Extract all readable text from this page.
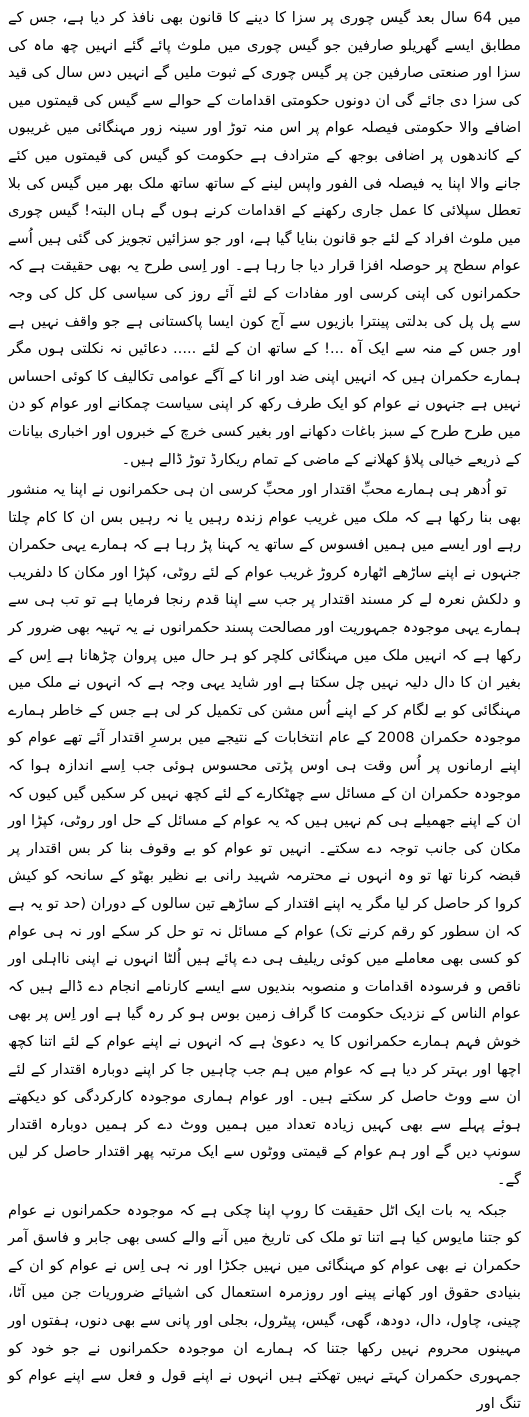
میں 64 سال بعد گیس چوری پر سزا کا دینے کا قانون بھی نافذ کر دیا ہے، جس کے مطابق ایسے گھریلو صارفین جو گیس چوری میں ملوث پائے گئے انہیں چھ ماہ کی سزا اور صنعتی صارفین جن پر گیس چوری کے ثبوت ملیں گے انہیں دس سال کی قید کی سزا دی جائے گی ان دونوں حکومتی اقدامات کے حوالے سے گیس کی قیمتوں میں اضافے والا حکومتی فیصلہ عوام پر اس منہ توڑ اور سینہ زور مہنگائی میں غریبوں کے کاندھوں پر اضافی بوجھ کے مترادف ہے حکومت کو گیس کی قیمتوں میں کئے جانے والا اپنا یہ فیصلہ فی الفور واپس لینے کے ساتھ ساتھ ملک بھر میں گیس کی بلا تعطل سپلائی کا عمل جاری رکھنے کے اقدامات کرنے ہوں گے ہاں البتہ! گیس چوری میں ملوث افراد کے لئے جو قانون بنایا گیا ہے، اور جو سزائیں تجویز کی گئی ہیں اُسے عوام سطح پر حوصلہ افزا قرار دیا جا رہا ہے۔ اور اِسی طرح یہ بھی حقیقت ہے کہ حکمرانوں کی اپنی کرسی اور مفادات کے لئے آئے روز کی سیاسی کل کل کی وجہ سے پل پل کی بدلتی پینترا بازیوں سے آج کون ایسا پاکستانی ہے جو واقف نہیں ہے اور جس کے منہ سے ایک آہ ...! کے ساتھ ان کے لئے ..... دعائیں نہ نکلتی ہوں مگر ہمارے حکمران ہیں کہ انہیں اپنی ضد اور انا کے آگے عوامی تکالیف کا کوئی احساس نہیں ہے جنہوں نے عوام کو ایک طرف رکھ کر اپنی سیاست چمکانے اور عوام کو دن میں طرح طرح کے سبز باغات دکھانے اور بغیر کسی خرچ کے خبروں اور اخباری بیانات کے ذریعے خیالی پلاؤ کھلانے کے ماضی کے تمام ریکارڈ توڑ ڈالے ہیں۔

تو اُدھر ہی ہمارے محبِّ اقتدار اور محبِّ کرسی ان ہی حکمرانوں نے اپنا یہ منشور بھی بنا رکھا ہے کہ ملک میں غریب عوام زندہ رہیں یا نہ رہیں بس ان کا کام چلتا رہے اور ایسے میں ہمیں افسوس کے ساتھ یہ کہنا پڑ رہا ہے کہ ہمارے یہی حکمران جنہوں نے اپنے ساڑھے اٹھارہ کروڑ غریب عوام کے لئے روٹی، کپڑا اور مکان کا دلفریب و دلکش نعرہ لے کر مسند اقتدار پر جب سے اپنا قدم رنجا فرمایا ہے تو تب ہی سے ہمارے یہی موجودہ جمہوریت اور مصالحت پسند حکمرانوں نے یہ تہیہ بھی ضرور کر رکھا ہے کہ انہیں ملک میں مہنگائی کلچر کو ہر حال میں پروان چڑھانا ہے اِس کے بغیر ان کا دال دلیہ نہیں چل سکتا ہے اور شاید یہی وجہ ہے کہ انہوں نے ملک میں مہنگائی کو بے لگام کر کے اپنے اُس مشن کی تکمیل کر لی ہے جس کے خاطر ہمارے موجودہ حکمران 2008 کے عام انتخابات کے نتیجے میں برسرِ اقتدار آئے تھے عوام کو اپنے ارمانوں پر اُس وقت ہی اوس پڑتی محسوس ہوئی جب اِسے اندازہ ہوا کہ موجودہ حکمران ان کے مسائل سے چھٹکارے کے لئے کچھ نہیں کر سکیں گیں کیوں کہ ان کے اپنے جھمیلے ہی کم نہیں ہیں کہ یہ عوام کے مسائل کے حل اور روٹی، کپڑا اور مکان کی جانب توجہ دے سکتے۔ انہیں تو عوام کو بے وقوف بنا کر بس اقتدار پر قبضہ کرنا تھا تو وہ انہوں نے محترمہ شہید رانی بے نظیر بھٹو کے سانحہ کو کیش کروا کر حاصل کر لیا مگر یہ اپنے اقتدار کے ساڑھے تین سالوں کے دوران (حد تو یہ ہے کہ ان سطور کو رقم کرنے تک) عوام کے مسائل نہ تو حل کر سکے اور نہ ہی عوام کو کسی بھی معاملے میں کوئی ریلیف ہی دے پائے ہیں اُلٹا انہوں نے اپنی نااہلی اور ناقص و فرسودہ اقدامات و منصوبہ بندیوں سے ایسے کارنامے انجام دے ڈالے ہیں کہ عوام الناس کے نزدیک حکومت کا گراف زمین بوس ہو کر رہ گیا ہے اور اِس پر بھی خوش فہم ہمارے حکمرانوں کا یہ دعویٰ ہے کہ انہوں نے اپنے عوام کے لئے اتنا کچھ اچھا اور بہتر کر دیا ہے کہ عوام میں ہم جب چاہیں جا کر اپنے دوبارہ اقتدار کے لئے ان سے ووٹ حاصل کر سکتے ہیں۔ اور عوام ہماری موجودہ کارکردگی کو دیکھتے ہوئے پہلے سے بھی کہیں زیادہ تعداد میں ہمیں ووٹ دے کر ہمیں دوبارہ اقتدار سونپ دیں گے اور ہم عوام کے قیمتی ووٹوں سے ایک مرتبہ پھر اقتدار حاصل کر لیں گے۔

جبکہ یہ بات ایک اٹل حقیقت کا روپ اپنا چکی ہے کہ موجودہ حکمرانوں نے عوام کو جتنا مایوس کیا ہے اتنا تو ملک کی تاریخ میں آنے والے کسی بھی جابر و فاسق آمر حکمران نے بھی عوام کو مہنگائی میں نہیں جکڑا اور نہ ہی اِس نے عوام کو ان کے بنیادی حقوق اور کھانے پینے اور روزمرہ استعمال کی اشیائے ضروریات جن میں آٹا، چینی، چاول، دال، دودھ، گھی، گیس، پیٹرول، بجلی اور پانی سے بھی دنوں، ہفتوں اور مہینوں محروم نہیں رکھا جتنا کہ ہمارے ان موجودہ حکمرانوں نے جو خود کو جمہوری حکمران کہتے نہیں تھکتے ہیں انہوں نے اپنے قول و فعل سے اپنے عوام کو تنگ اور
